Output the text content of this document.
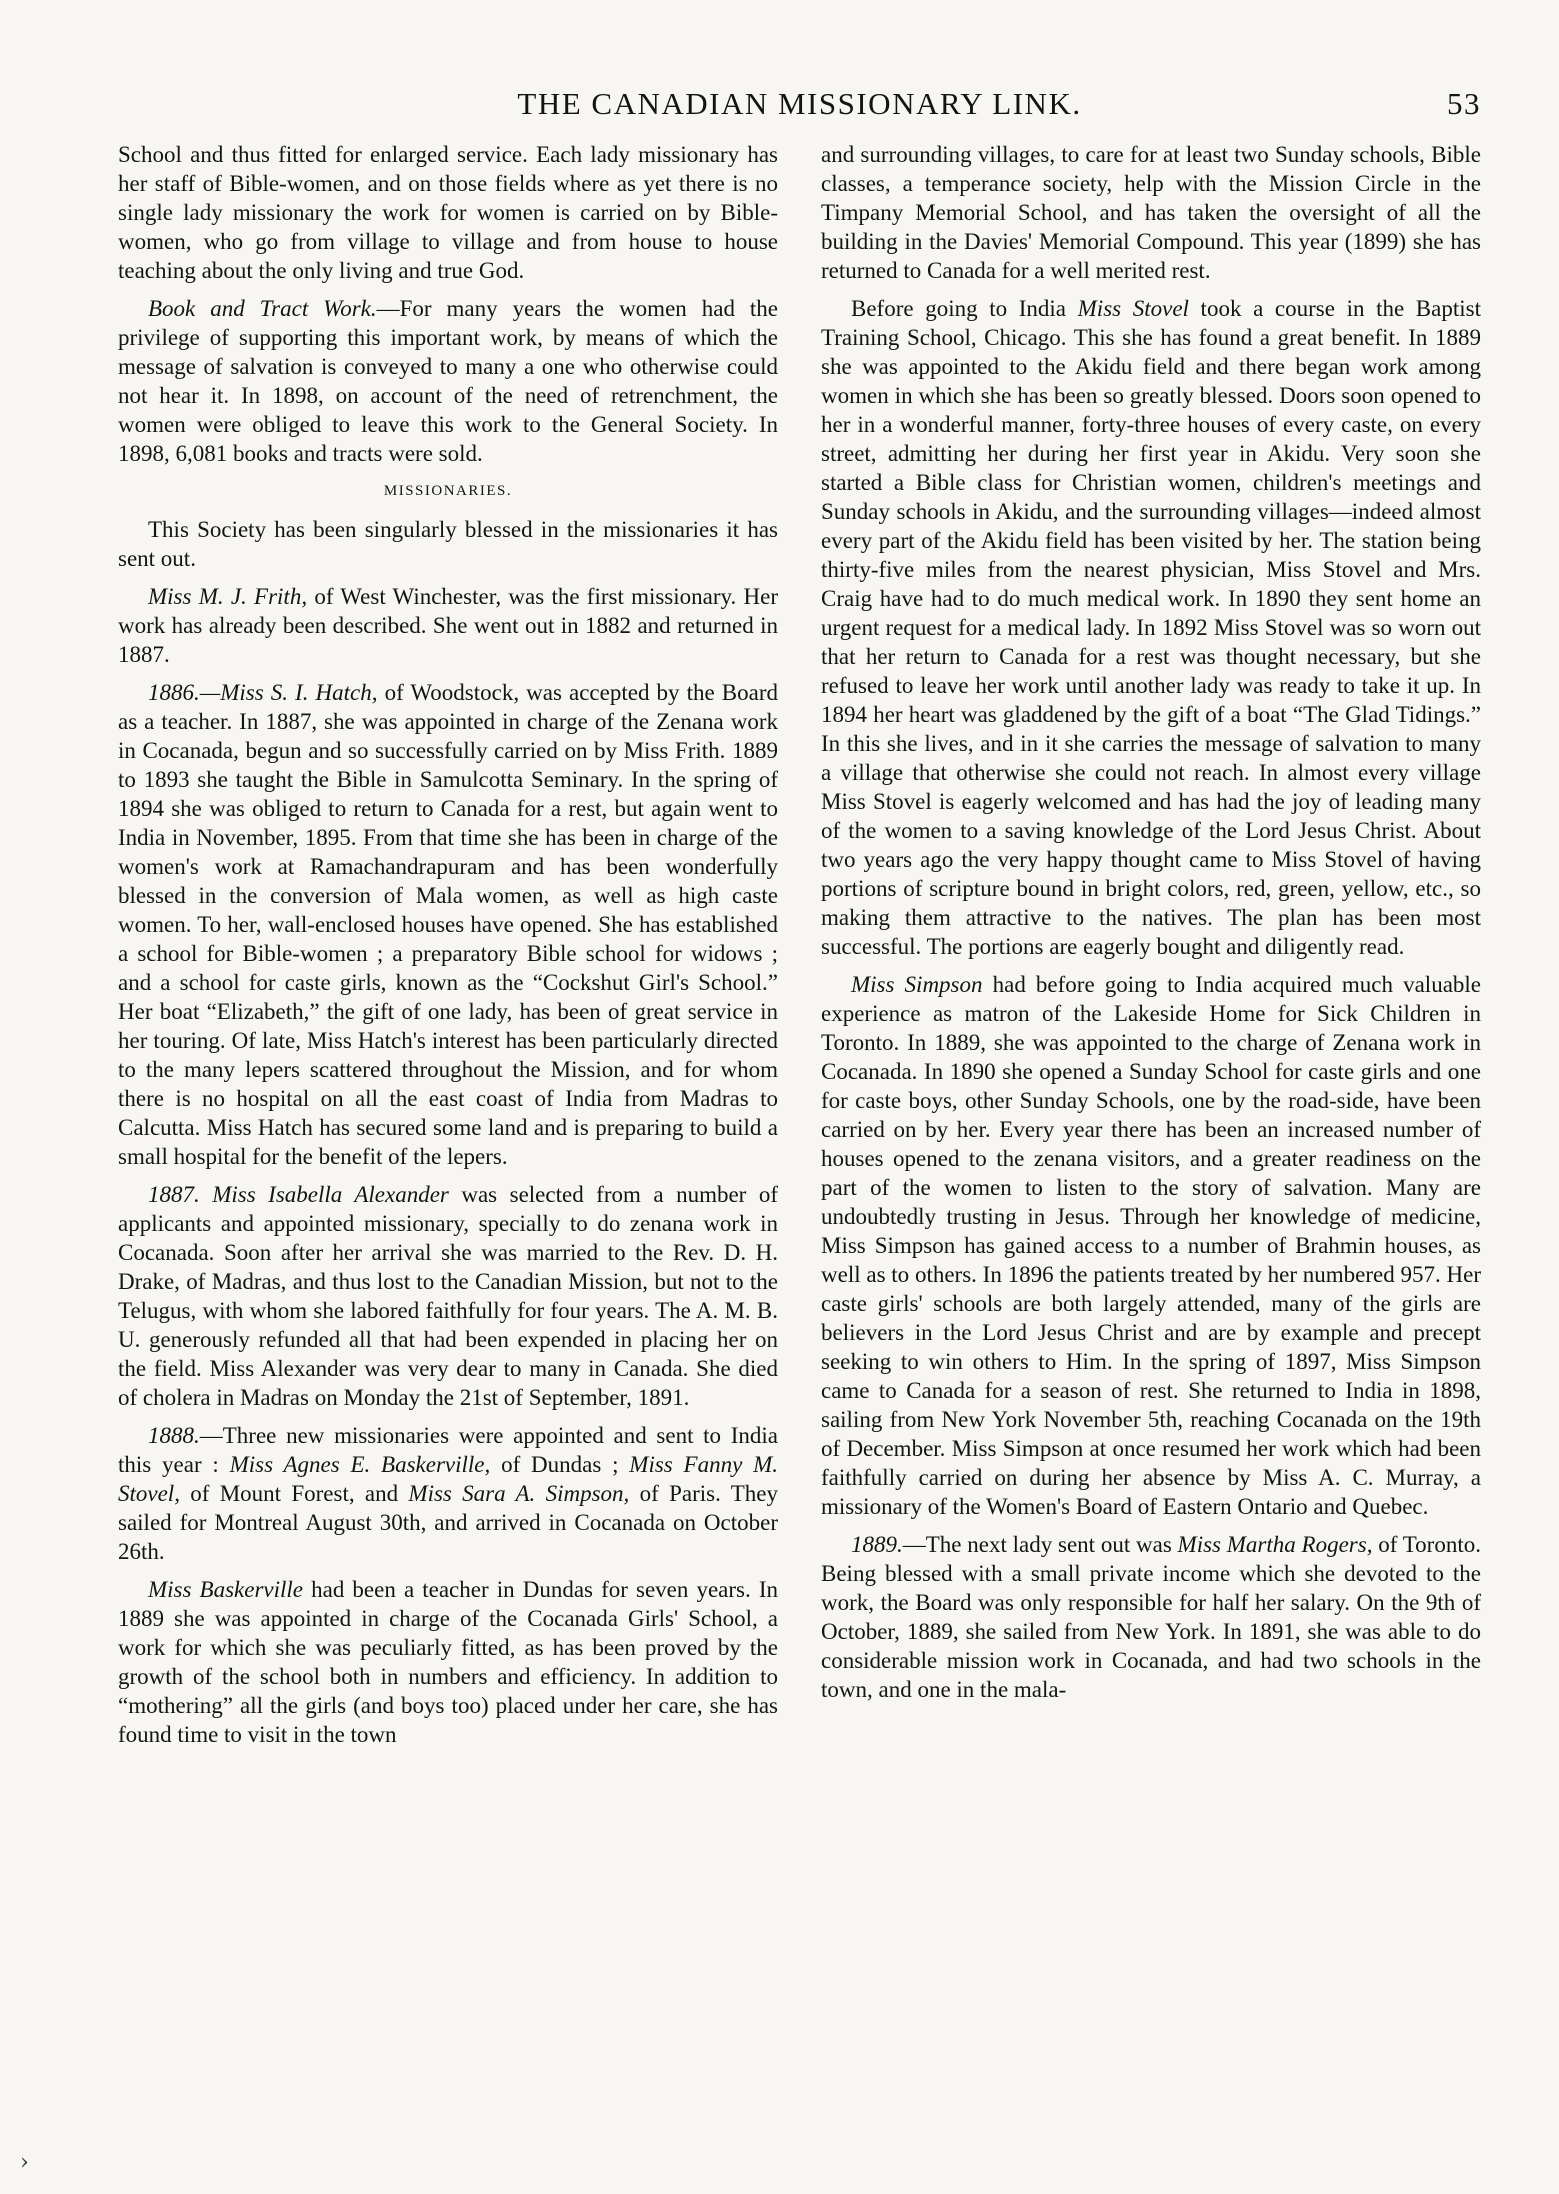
THE CANADIAN MISSIONARY LINK.	53

School and thus fitted for enlarged service. Each lady missionary has her staff of Bible-women, and on those fields where as yet there is no single lady missionary the work for women is carried on by Bible-women, who go from village to village and from house to house teaching about the only living and true God.

Book and Tract Work.—For many years the women had the privilege of supporting this important work, by means of which the message of salvation is conveyed to many a one who otherwise could not hear it. In 1898, on account of the need of retrenchment, the women were obliged to leave this work to the General Society. In 1898, 6,081 books and tracts were sold.

MISSIONARIES.

This Society has been singularly blessed in the missionaries it has sent out.

Miss M. J. Frith, of West Winchester, was the first missionary. Her work has already been described. She went out in 1882 and returned in 1887.

1886.—Miss S. I. Hatch, of Woodstock, was accepted by the Board as a teacher. In 1887, she was appointed in charge of the Zenana work in Cocanada, begun and so successfully carried on by Miss Frith. 1889 to 1893 she taught the Bible in Samulcotta Seminary. In the spring of 1894 she was obliged to return to Canada for a rest, but again went to India in November, 1895. From that time she has been in charge of the women's work at Ramachandrapuram and has been wonderfully blessed in the conversion of Mala women, as well as high caste women. To her, wall-enclosed houses have opened. She has established a school for Bible-women ; a preparatory Bible school for widows ; and a school for caste girls, known as the “Cockshut Girl's School.” Her boat “Elizabeth,” the gift of one lady, has been of great service in her touring. Of late, Miss Hatch's interest has been particularly directed to the many lepers scattered throughout the Mission, and for whom there is no hospital on all the east coast of India from Madras to Calcutta. Miss Hatch has secured some land and is preparing to build a small hospital for the benefit of the lepers.

1887. Miss Isabella Alexander was selected from a number of applicants and appointed missionary, specially to do zenana work in Cocanada. Soon after her arrival she was married to the Rev. D. H. Drake, of Madras, and thus lost to the Canadian Mission, but not to the Telugus, with whom she labored faithfully for four years. The A. M. B. U. generously refunded all that had been expended in placing her on the field. Miss Alexander was very dear to many in Canada. She died of cholera in Madras on Monday the 21st of September, 1891.

1888.—Three new missionaries were appointed and sent to India this year : Miss Agnes E. Baskerville, of Dundas ; Miss Fanny M. Stovel, of Mount Forest, and Miss Sara A. Simpson, of Paris. They sailed for Montreal August 30th, and arrived in Cocanada on October 26th.

Miss Baskerville had been a teacher in Dundas for seven years. In 1889 she was appointed in charge of the Cocanada Girls' School, a work for which she was peculiarly fitted, as has been proved by the growth of the school both in numbers and efficiency. In addition to “mothering” all the girls (and boys too) placed under her care, she has found time to visit in the town

and surrounding villages, to care for at least two Sunday schools, Bible classes, a temperance society, help with the Mission Circle in the Timpany Memorial School, and has taken the oversight of all the building in the Davies' Memorial Compound. This year (1899) she has returned to Canada for a well merited rest.

Before going to India Miss Stovel took a course in the Baptist Training School, Chicago. This she has found a great benefit. In 1889 she was appointed to the Akidu field and there began work among women in which she has been so greatly blessed. Doors soon opened to her in a wonderful manner, forty-three houses of every caste, on every street, admitting her during her first year in Akidu. Very soon she started a Bible class for Christian women, children's meetings and Sunday schools in Akidu, and the surrounding villages—indeed almost every part of the Akidu field has been visited by her. The station being thirty-five miles from the nearest physician, Miss Stovel and Mrs. Craig have had to do much medical work. In 1890 they sent home an urgent request for a medical lady. In 1892 Miss Stovel was so worn out that her return to Canada for a rest was thought necessary, but she refused to leave her work until another lady was ready to take it up. In 1894 her heart was gladdened by the gift of a boat “The Glad Tidings.” In this she lives, and in it she carries the message of salvation to many a village that otherwise she could not reach. In almost every village Miss Stovel is eagerly welcomed and has had the joy of leading many of the women to a saving knowledge of the Lord Jesus Christ. About two years ago the very happy thought came to Miss Stovel of having portions of scripture bound in bright colors, red, green, yellow, etc., so making them attractive to the natives. The plan has been most successful. The portions are eagerly bought and diligently read.

Miss Simpson had before going to India acquired much valuable experience as matron of the Lakeside Home for Sick Children in Toronto. In 1889, she was appointed to the charge of Zenana work in Cocanada. In 1890 she opened a Sunday School for caste girls and one for caste boys, other Sunday Schools, one by the road-side, have been carried on by her. Every year there has been an increased number of houses opened to the zenana visitors, and a greater readiness on the part of the women to listen to the story of salvation. Many are undoubtedly trusting in Jesus. Through her knowledge of medicine, Miss Simpson has gained access to a number of Brahmin houses, as well as to others. In 1896 the patients treated by her numbered 957. Her caste girls' schools are both largely attended, many of the girls are believers in the Lord Jesus Christ and are by example and precept seeking to win others to Him. In the spring of 1897, Miss Simpson came to Canada for a season of rest. She returned to India in 1898, sailing from New York November 5th, reaching Cocanada on the 19th of December. Miss Simpson at once resumed her work which had been faithfully carried on during her absence by Miss A. C. Murray, a missionary of the Women's Board of Eastern Ontario and Quebec.

1889.—The next lady sent out was Miss Martha Rogers, of Toronto. Being blessed with a small private income which she devoted to the work, the Board was only responsible for half her salary. On the 9th of October, 1889, she sailed from New York. In 1891, she was able to do considerable mission work in Cocanada, and had two schools in the town, and one in the mala-

›
